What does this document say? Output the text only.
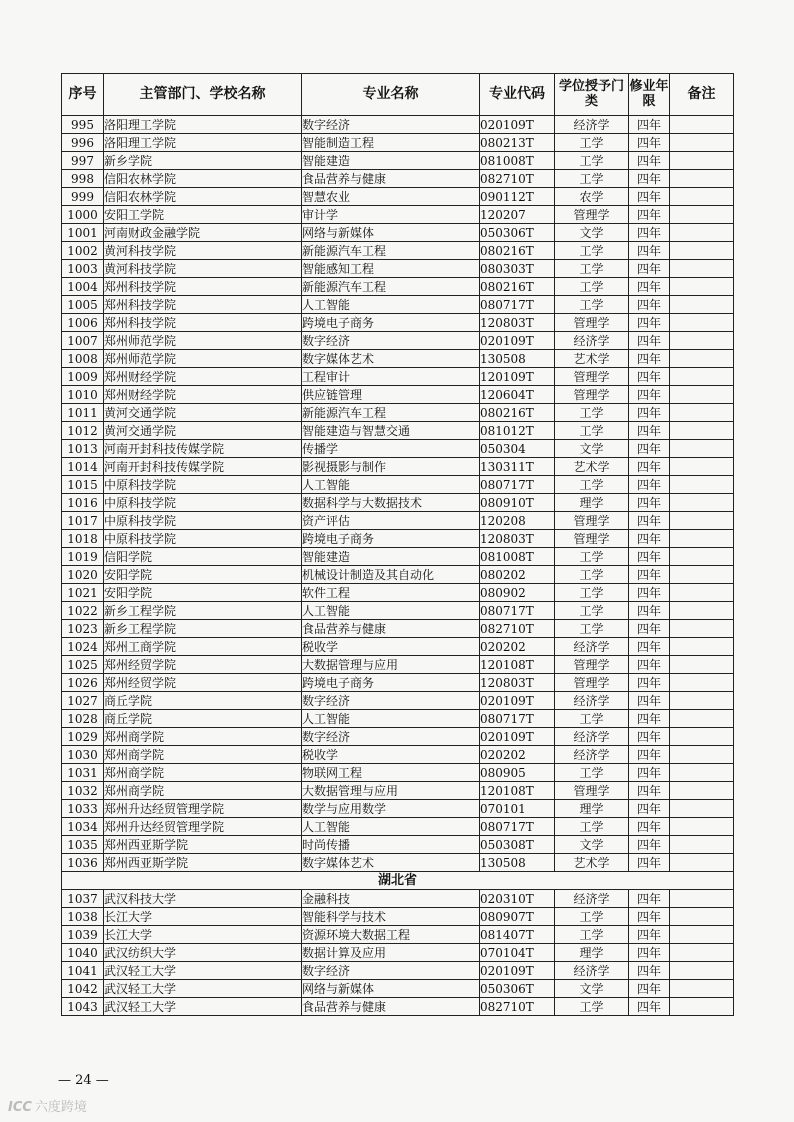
序号	主管部门、学校名称	专业名称	专业代码	学位授予门类	修业年限	备注
995	洛阳理工学院	数字经济	020109T	经济学	四年	
996	洛阳理工学院	智能制造工程	080213T	工学	四年	
997	新乡学院	智能建造	081008T	工学	四年	
998	信阳农林学院	食品营养与健康	082710T	工学	四年	
999	信阳农林学院	智慧农业	090112T	农学	四年	
1000	安阳工学院	审计学	120207	管理学	四年	
1001	河南财政金融学院	网络与新媒体	050306T	文学	四年	
1002	黄河科技学院	新能源汽车工程	080216T	工学	四年	
1003	黄河科技学院	智能感知工程	080303T	工学	四年	
1004	郑州科技学院	新能源汽车工程	080216T	工学	四年	
1005	郑州科技学院	人工智能	080717T	工学	四年	
1006	郑州科技学院	跨境电子商务	120803T	管理学	四年	
1007	郑州师范学院	数字经济	020109T	经济学	四年	
1008	郑州师范学院	数字媒体艺术	130508	艺术学	四年	
1009	郑州财经学院	工程审计	120109T	管理学	四年	
1010	郑州财经学院	供应链管理	120604T	管理学	四年	
1011	黄河交通学院	新能源汽车工程	080216T	工学	四年	
1012	黄河交通学院	智能建造与智慧交通	081012T	工学	四年	
1013	河南开封科技传媒学院	传播学	050304	文学	四年	
1014	河南开封科技传媒学院	影视摄影与制作	130311T	艺术学	四年	
1015	中原科技学院	人工智能	080717T	工学	四年	
1016	中原科技学院	数据科学与大数据技术	080910T	理学	四年	
1017	中原科技学院	资产评估	120208	管理学	四年	
1018	中原科技学院	跨境电子商务	120803T	管理学	四年	
1019	信阳学院	智能建造	081008T	工学	四年	
1020	安阳学院	机械设计制造及其自动化	080202	工学	四年	
1021	安阳学院	软件工程	080902	工学	四年	
1022	新乡工程学院	人工智能	080717T	工学	四年	
1023	新乡工程学院	食品营养与健康	082710T	工学	四年	
1024	郑州工商学院	税收学	020202	经济学	四年	
1025	郑州经贸学院	大数据管理与应用	120108T	管理学	四年	
1026	郑州经贸学院	跨境电子商务	120803T	管理学	四年	
1027	商丘学院	数字经济	020109T	经济学	四年	
1028	商丘学院	人工智能	080717T	工学	四年	
1029	郑州商学院	数字经济	020109T	经济学	四年	
1030	郑州商学院	税收学	020202	经济学	四年	
1031	郑州商学院	物联网工程	080905	工学	四年	
1032	郑州商学院	大数据管理与应用	120108T	管理学	四年	
1033	郑州升达经贸管理学院	数学与应用数学	070101	理学	四年	
1034	郑州升达经贸管理学院	人工智能	080717T	工学	四年	
1035	郑州西亚斯学院	时尚传播	050308T	文学	四年	
1036	郑州西亚斯学院	数字媒体艺术	130508	艺术学	四年	
湖北省						
1037	武汉科技大学	金融科技	020310T	经济学	四年	
1038	长江大学	智能科学与技术	080907T	工学	四年	
1039	长江大学	资源环境大数据工程	081407T	工学	四年	
1040	武汉纺织大学	数据计算及应用	070104T	理学	四年	
1041	武汉轻工大学	数字经济	020109T	经济学	四年	
1042	武汉轻工大学	网络与新媒体	050306T	文学	四年	
1043	武汉轻工大学	食品营养与健康	082710T	工学	四年	
— 24 —
ICC 六度跨境
